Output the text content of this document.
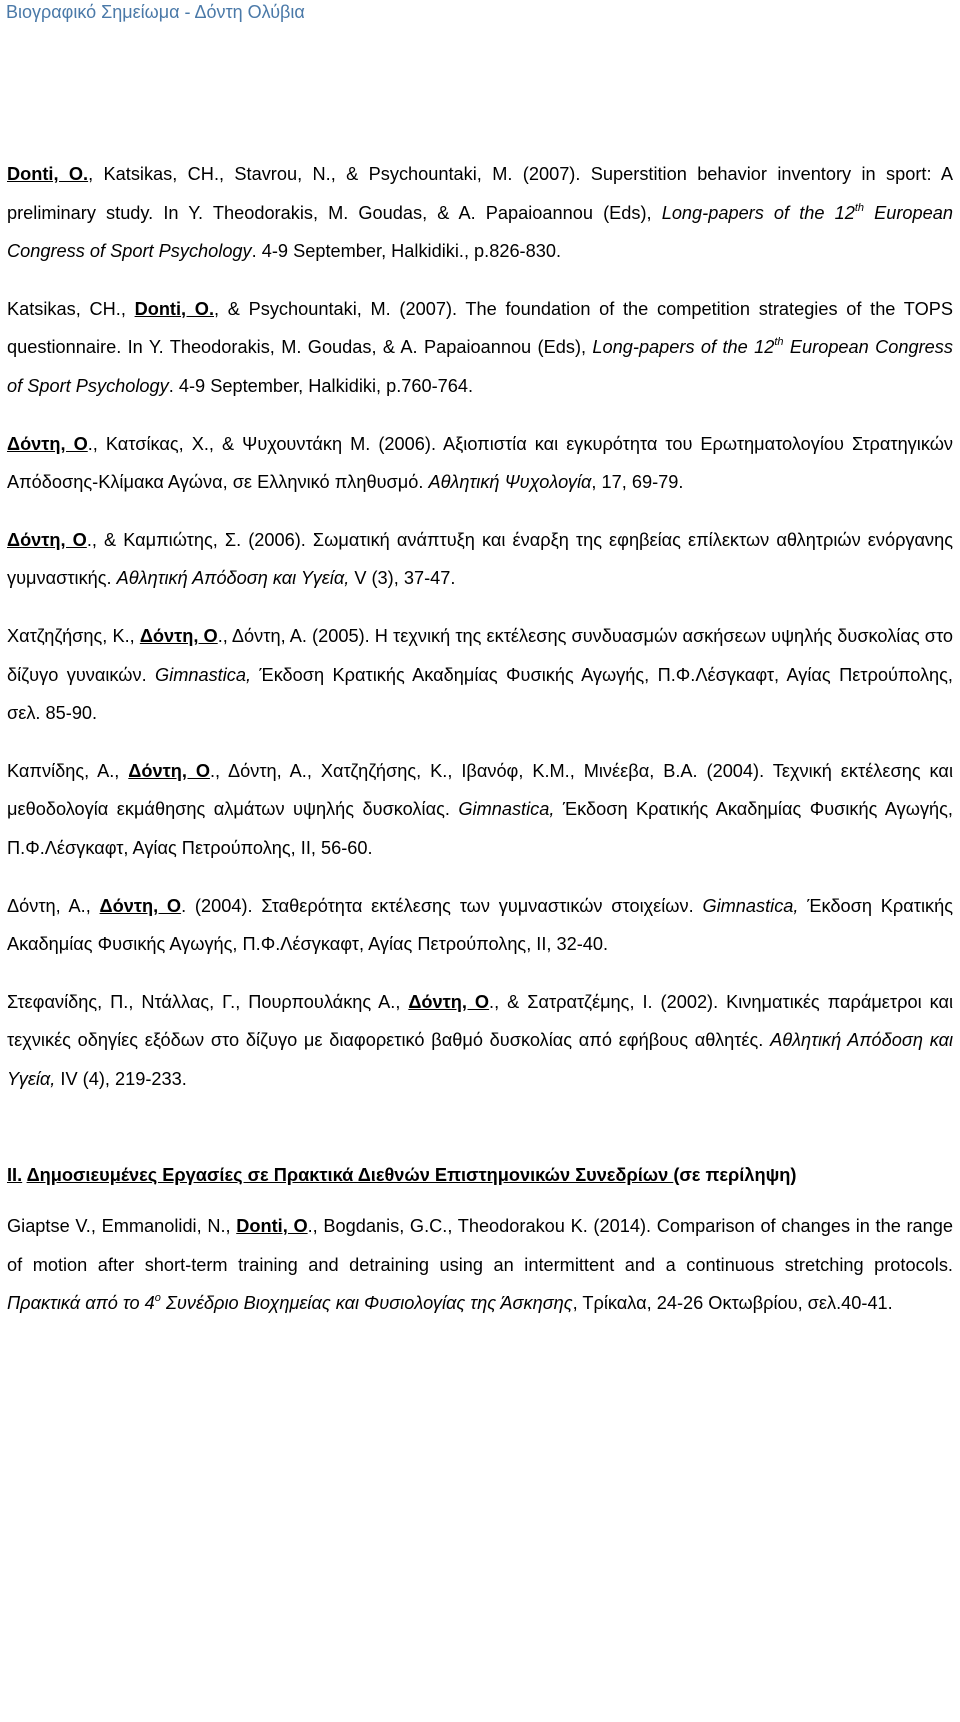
Βιογραφικό Σημείωμα - Δόντη Ολύβια

Donti, O., Katsikas, CH., Stavrou, N., & Psychountaki, M. (2007). Superstition behavior inventory in sport: A preliminary study. In Y. Theodorakis, M. Goudas, & A. Papaioannou (Eds), Long-papers of the 12th European Congress of Sport Psychology. 4-9 September, Halkidiki., p.826-830.

Katsikas, CH., Donti, O., & Psychountaki, M. (2007). The foundation of the competition strategies of the TOPS questionnaire. In Y. Theodorakis, M. Goudas, & A. Papaioannou (Eds), Long-papers of the 12th European Congress of Sport Psychology. 4-9 September, Halkidiki, p.760-764.

Δόντη, Ο., Κατσίκας, Χ., & Ψυχουντάκη Μ. (2006). Αξιοπιστία και εγκυρότητα του Ερωτηματολογίου Στρατηγικών Απόδοσης-Κλίμακα Αγώνα, σε Ελληνικό πληθυσμό. Αθλητική Ψυχολογία, 17, 69-79.

Δόντη, Ο., & Καμπιώτης, Σ. (2006). Σωματική ανάπτυξη και έναρξη της εφηβείας επίλεκτων αθλητριών ενόργανης γυμναστικής. Αθλητική Απόδοση και Υγεία, V (3), 37-47.

Χατζηζήσης, Κ., Δόντη, Ο., Δόντη, Α. (2005). Η τεχνική της εκτέλεσης συνδυασμών ασκήσεων υψηλής δυσκολίας στο δίζυγο γυναικών. Gimnastica, Έκδοση Κρατικής Ακαδημίας Φυσικής Αγωγής, Π.Φ.Λέσγκαφτ, Αγίας Πετρούπολης, σελ. 85-90.

Καπνίδης, Α., Δόντη, Ο., Δόντη, Α., Χατζηζήσης, Κ., Ιβανόφ, Κ.Μ., Μινέεβα, Β.Α. (2004). Τεχνική εκτέλεσης και μεθοδολογία εκμάθησης αλμάτων υψηλής δυσκολίας. Gimnastica, Έκδοση Κρατικής Ακαδημίας Φυσικής Αγωγής, Π.Φ.Λέσγκαφτ, Αγίας Πετρούπολης, ΙΙ, 56-60.

Δόντη, Α., Δόντη, Ο. (2004). Σταθερότητα εκτέλεσης των γυμναστικών στοιχείων. Gimnastica, Έκδοση Κρατικής Ακαδημίας Φυσικής Αγωγής, Π.Φ.Λέσγκαφτ, Αγίας Πετρούπολης, ΙΙ, 32-40.

Στεφανίδης, Π., Ντάλλας, Γ., Πουρπουλάκης Α., Δόντη, Ο., & Σατρατζέμης, Ι. (2002). Κινηματικές παράμετροι και τεχνικές οδηγίες εξόδων στο δίζυγο με διαφορετικό βαθμό δυσκολίας από εφήβους αθλητές. Αθλητική Απόδοση και Υγεία, IV (4), 219-233.

ΙΙ. Δημοσιευμένες Εργασίες σε Πρακτικά Διεθνών Επιστημονικών Συνεδρίων (σε περίληψη)

Giaptse V., Emmanolidi, N., Donti, O., Bogdanis, G.C., Theodorakou K. (2014). Comparison of changes in the range of motion after short-term training and detraining using an intermittent and a continuous stretching protocols. Πρακτικά από το $4^o$ Συνέδριο Βιοχημείας και Φυσιολογίας της Άσκησης, Τρίκαλα, 24-26 Οκτωβρίου, σελ.40-41.
